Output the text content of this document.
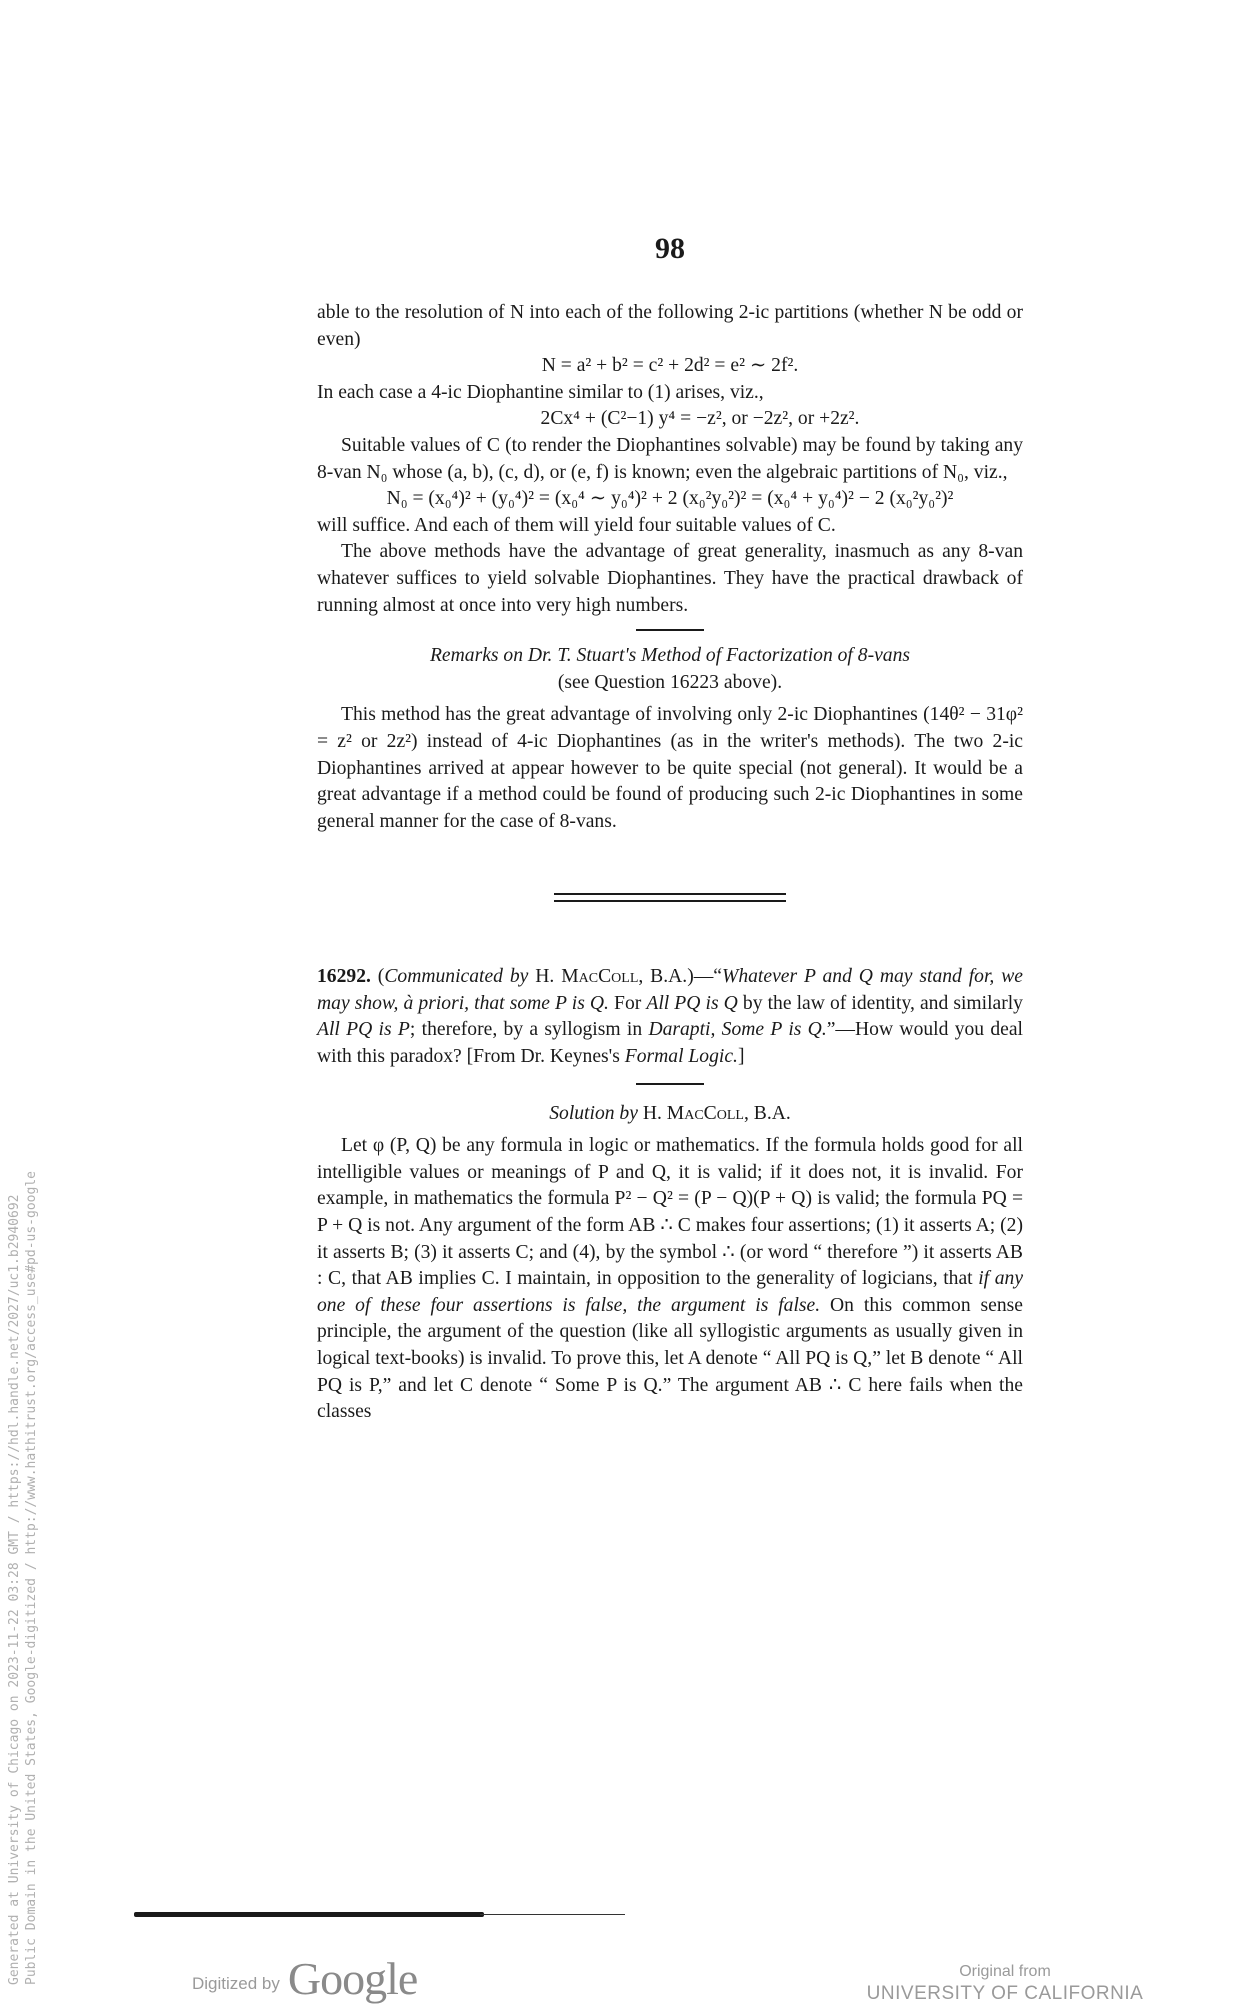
98

able to the resolution of N into each of the following 2-ic partitions (whether N be odd or even)

N = a² + b² = c² + 2d² = e² ∼ 2f².

In each case a 4-ic Diophantine similar to (1) arises, viz.,

2Cx⁴ + (C²−1) y⁴ = −z², or −2z², or +2z².

Suitable values of C (to render the Diophantines solvable) may be found by taking any 8-van N₀ whose (a, b), (c, d), or (e, f) is known; even the algebraic partitions of N₀, viz.,

N₀ = (x₀⁴)² + (y₀⁴)² = (x₀⁴ ∼ y₀⁴)² + 2 (x₀²y₀²)² = (x₀⁴ + y₀⁴)² − 2 (x₀²y₀²)²

will suffice. And each of them will yield four suitable values of C.

The above methods have the advantage of great generality, inasmuch as any 8-van whatever suffices to yield solvable Diophantines. They have the practical drawback of running almost at once into very high numbers.

Remarks on Dr. T. Stuart's Method of Factorization of 8-vans

(see Question 16223 above).

This method has the great advantage of involving only 2-ic Diophantines (14θ² − 31φ² = z² or 2z²) instead of 4-ic Diophantines (as in the writer's methods). The two 2-ic Diophantines arrived at appear however to be quite special (not general). It would be a great advantage if a method could be found of producing such 2-ic Diophantines in some general manner for the case of 8-vans.

16292. (Communicated by H. MacColl, B.A.)—“Whatever P and Q may stand for, we may show, à priori, that some P is Q. For All PQ is Q by the law of identity, and similarly All PQ is P; therefore, by a syllogism in Darapti, Some P is Q.”—How would you deal with this paradox? [From Dr. Keynes's Formal Logic.]

Solution by H. MacColl, B.A.

Let φ (P, Q) be any formula in logic or mathematics. If the formula holds good for all intelligible values or meanings of P and Q, it is valid; if it does not, it is invalid. For example, in mathematics the formula P² − Q² = (P − Q)(P + Q) is valid; the formula PQ = P + Q is not. Any argument of the form AB ∴ C makes four assertions; (1) it asserts A; (2) it asserts B; (3) it asserts C; and (4), by the symbol ∴ (or word “ therefore ”) it asserts AB : C, that AB implies C. I maintain, in opposition to the generality of logicians, that if any one of these four assertions is false, the argument is false. On this common sense principle, the argument of the question (like all syllogistic arguments as usually given in logical text-books) is invalid. To prove this, let A denote “ All PQ is Q,” let B denote “ All PQ is P,” and let C denote “ Some P is Q.” The argument AB ∴ C here fails when the classes

Generated at University of Chicago on 2023-11-22 03:28 GMT / https://hdl.handle.net/2027/uc1.b2940692 Public Domain in the United States, Google-digitized / http://www.hathitrust.org/access_use#pd-us-google	Digitized by Google	Original from
UNIVERSITY OF CALIFORNIA
